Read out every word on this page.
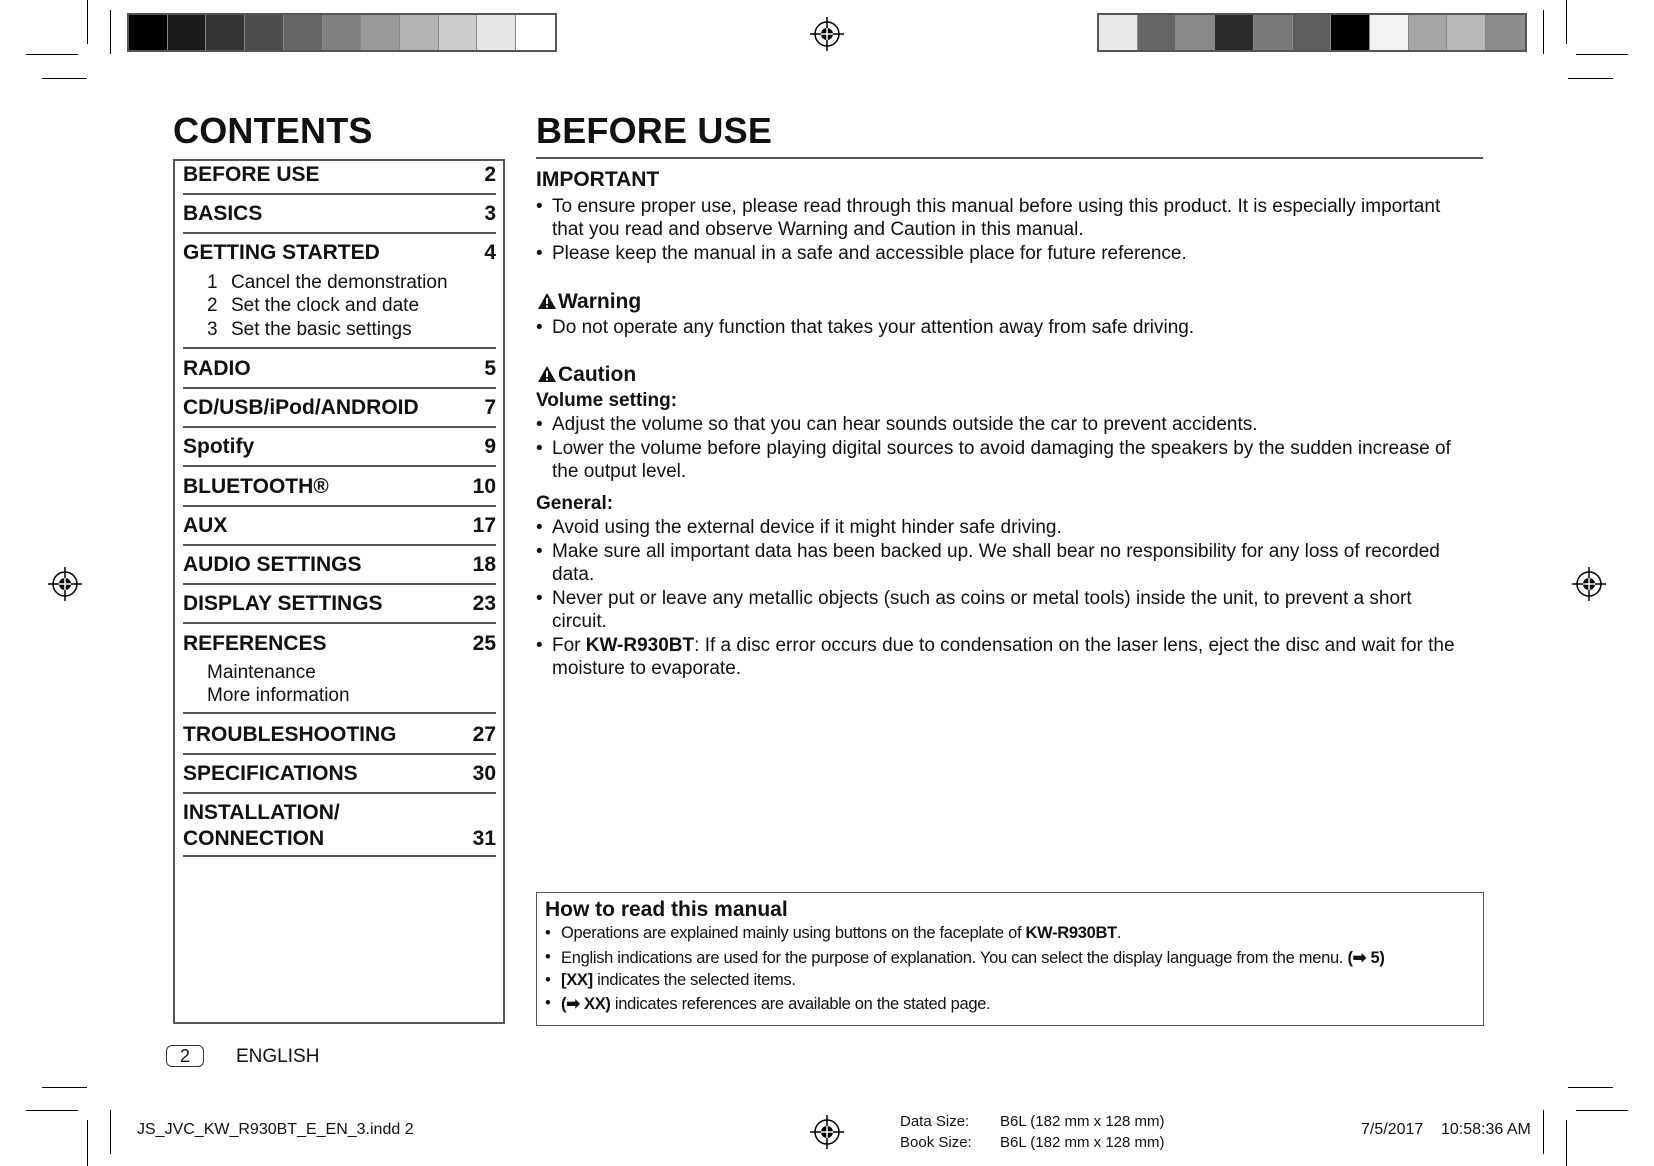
CONTENTS
BEFORE USE	2
BASICS	3
GETTING STARTED	4
1 Cancel the demonstration
2 Set the clock and date
3 Set the basic settings
RADIO	5
CD/USB/iPod/ANDROID	7
Spotify	9
BLUETOOTH®	10
AUX	17
AUDIO SETTINGS	18
DISPLAY SETTINGS	23
REFERENCES	25
Maintenance
More information
TROUBLESHOOTING	27
SPECIFICATIONS	30
INSTALLATION/
CONNECTION	31
BEFORE USE
IMPORTANT
• To ensure proper use, please read through this manual before using this product. It is especially important
that you read and observe Warning and Caution in this manual.
• Please keep the manual in a safe and accessible place for future reference.
Warning
• Do not operate any function that takes your attention away from safe driving.
Caution
Volume setting:
• Adjust the volume so that you can hear sounds outside the car to prevent accidents.
• Lower the volume before playing digital sources to avoid damaging the speakers by the sudden increase of
the output level.
General:
• Avoid using the external device if it might hinder safe driving.
• Make sure all important data has been backed up. We shall bear no responsibility for any loss of recorded
data.
• Never put or leave any metallic objects (such as coins or metal tools) inside the unit, to prevent a short
circuit.
• For KW-R930BT: If a disc error occurs due to condensation on the laser lens, eject the disc and wait for the
moisture to evaporate.
How to read this manual
• Operations are explained mainly using buttons on the faceplate of KW-R930BT.
• English indications are used for the purpose of explanation. You can select the display language from the menu. (➡ 5)
• [XX] indicates the selected items.
• (➡ XX) indicates references are available on the stated page.
2	ENGLISH
JS_JVC_KW_R930BT_E_EN_3.indd 2	Data Size: B6L (182 mm x 128 mm)
Book Size: B6L (182 mm x 128 mm)
7/5/2017 10:58:36 AM
